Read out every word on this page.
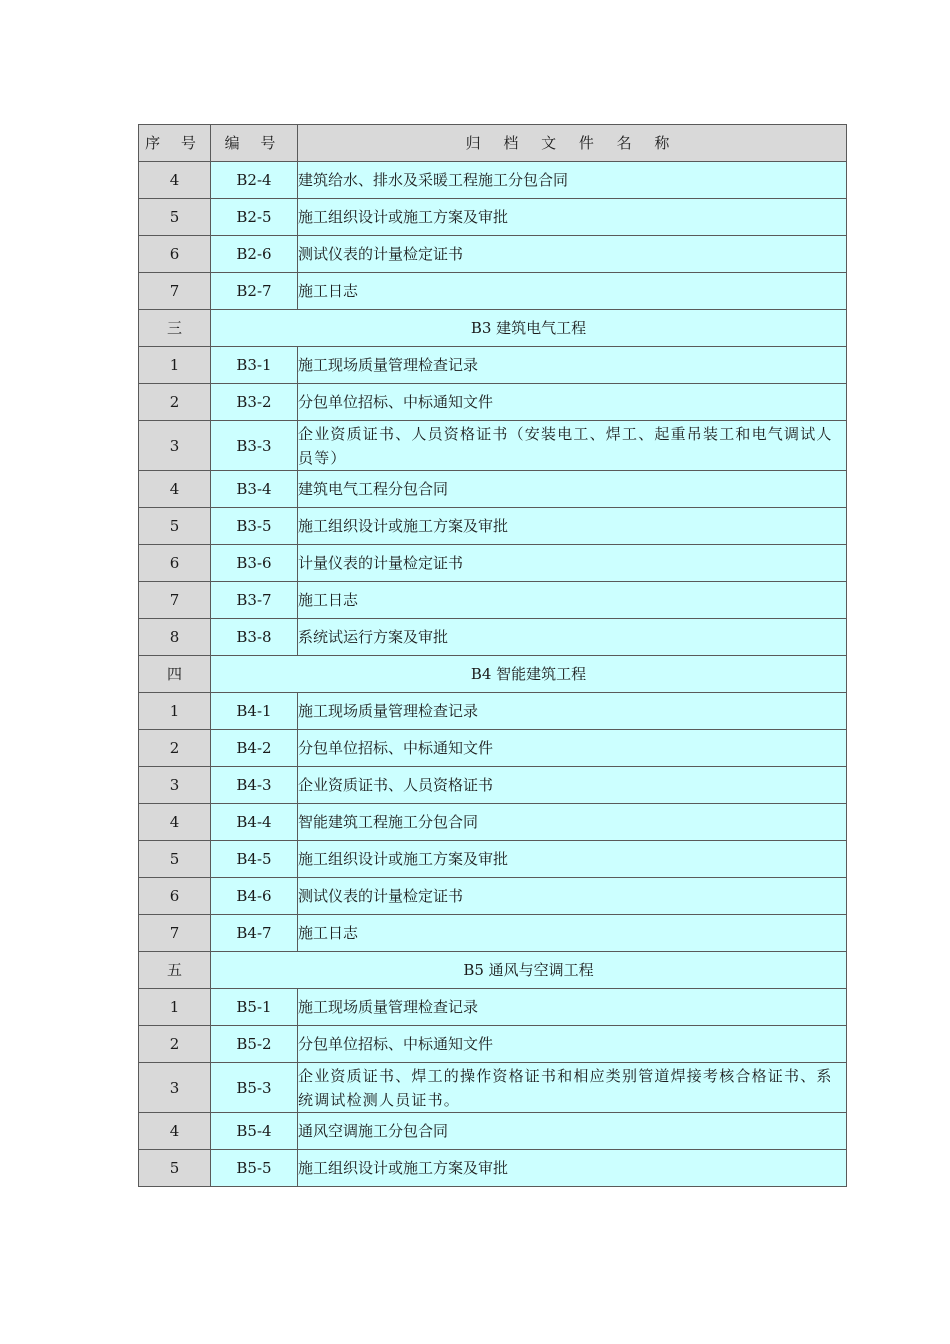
序 号	编 号	归 档 文 件 名 称
4	B2-4	建筑给水、排水及采暖工程施工分包合同
5	B2-5	施工组织设计或施工方案及审批
6	B2-6	测试仪表的计量检定证书
7	B2-7	施工日志
三	B3 建筑电气工程	
1	B3-1	施工现场质量管理检查记录
2	B3-2	分包单位招标、中标通知文件
3	B3-3	企业资质证书、人员资格证书（安装电工、焊工、起重吊装工和电气调试人员等）
4	B3-4	建筑电气工程分包合同
5	B3-5	施工组织设计或施工方案及审批
6	B3-6	计量仪表的计量检定证书
7	B3-7	施工日志
8	B3-8	系统试运行方案及审批
四	B4 智能建筑工程	
1	B4-1	施工现场质量管理检查记录
2	B4-2	分包单位招标、中标通知文件
3	B4-3	企业资质证书、人员资格证书
4	B4-4	智能建筑工程施工分包合同
5	B4-5	施工组织设计或施工方案及审批
6	B4-6	测试仪表的计量检定证书
7	B4-7	施工日志
五	B5 通风与空调工程	
1	B5-1	施工现场质量管理检查记录
2	B5-2	分包单位招标、中标通知文件
3	B5-3	企业资质证书、焊工的操作资格证书和相应类别管道焊接考核合格证书、系统调试检测人员证书。
4	B5-4	通风空调施工分包合同
5	B5-5	施工组织设计或施工方案及审批
